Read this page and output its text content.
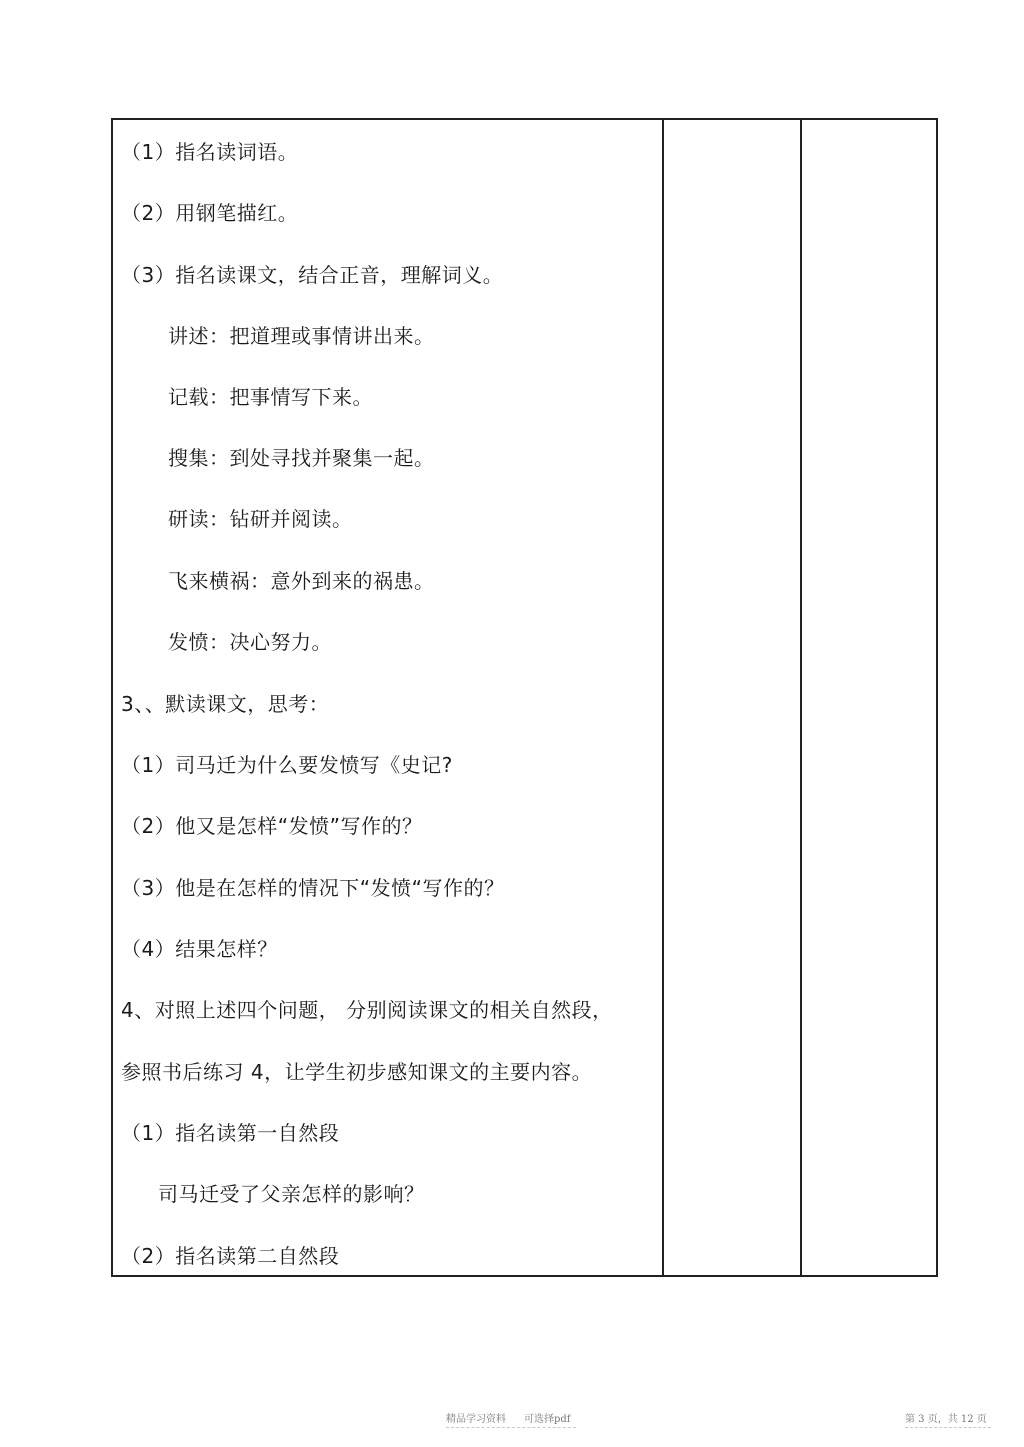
（1）指名读词语。
（2）用钢笔描红。
（3）指名读课文，结合正音，理解词义。
讲述：把道理或事情讲出来。
记载：把事情写下来。
搜集：到处寻找并聚集一起。
研读：钻研并阅读。
飞来横祸：意外到来的祸患。
发愤：决心努力。
3、、默读课文，思考：
（1）司马迁为什么要发愤写《史记?
（2）他又是怎样“发愤”写作的？
（3）他是在怎样的情况下“发愤“写作的？
（4）结果怎样？
4、对照上述四个问题， 分别阅读课文的相关自然段，
参照书后练习 4，让学生初步感知课文的主要内容。
（1）指名读第一自然段
司马迁受了父亲怎样的影响？
（2）指名读第二自然段
精品学习资料 可选择pdf	第 3 页，共 12 页
